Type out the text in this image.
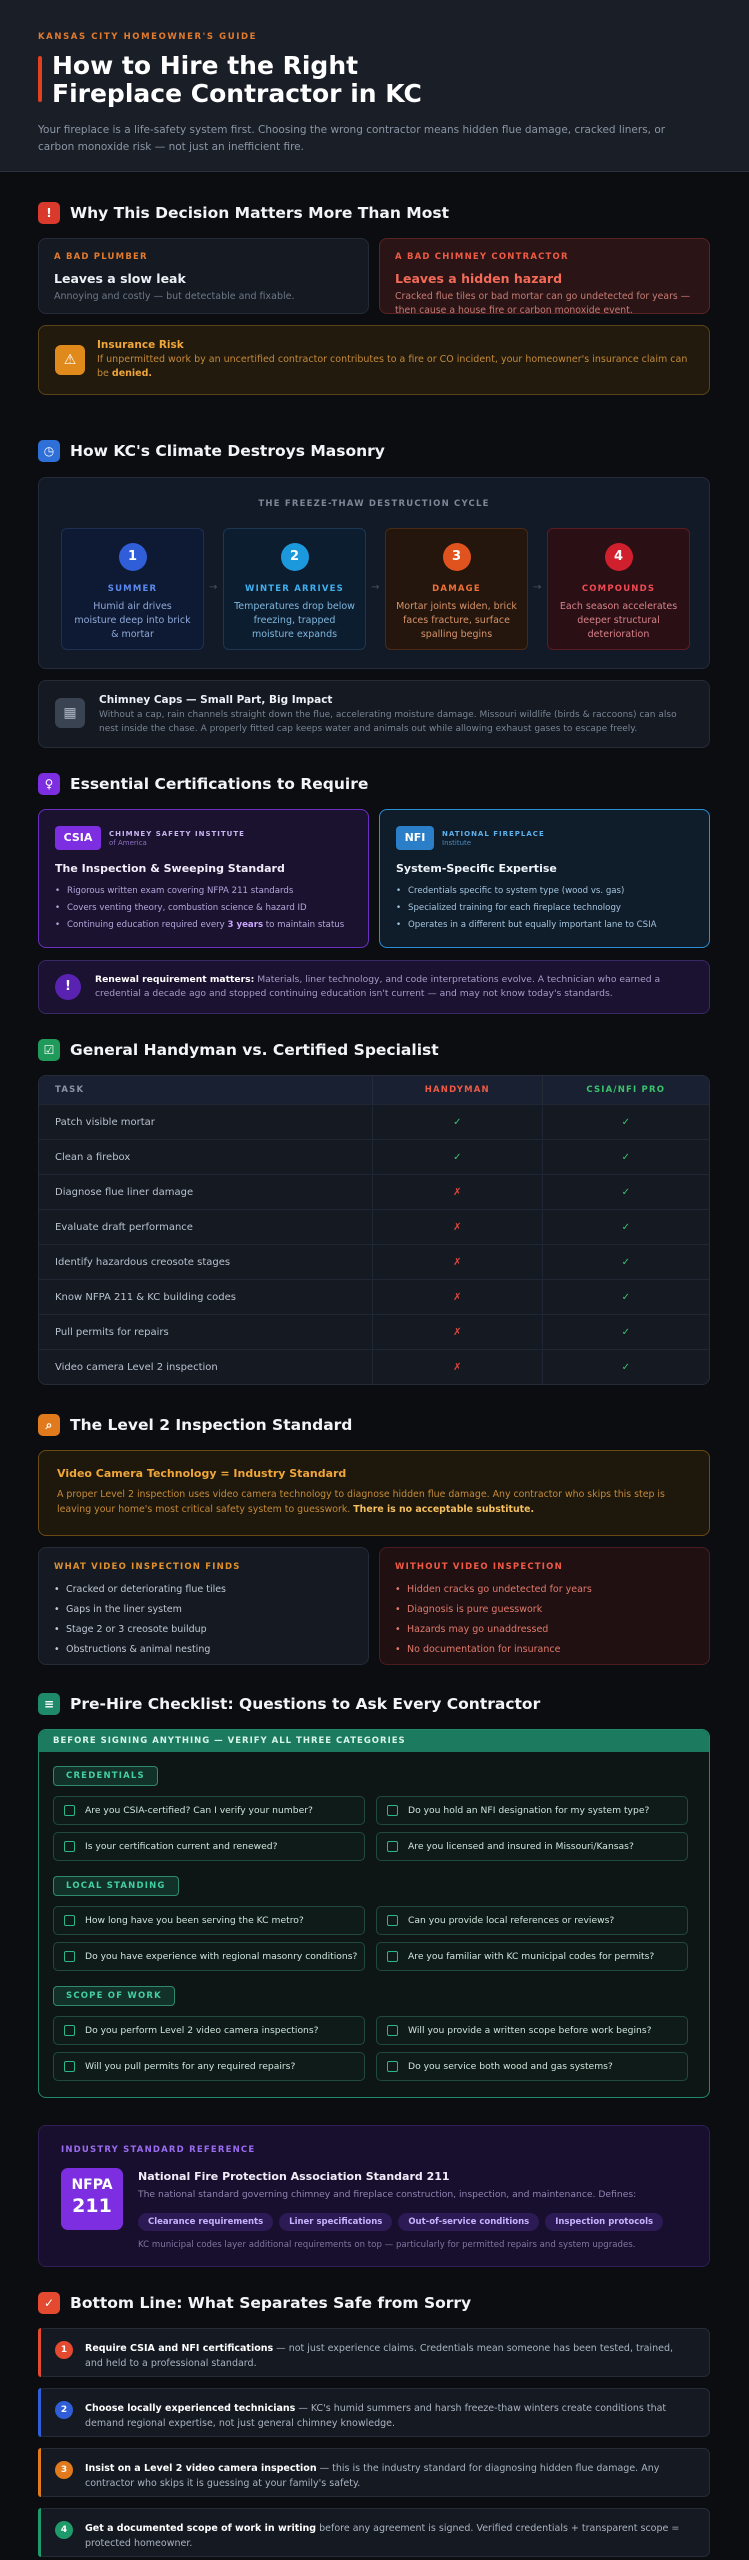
KANSAS CITY HOMEOWNER'S GUIDE
How to Hire the Right
Fireplace Contractor in KC
Your fireplace is a life-safety system first. Choosing the wrong contractor means hidden flue damage, cracked liners, or carbon monoxide risk — not just an inefficient fire.
!	Why This Decision Matters More Than Most
A BAD PLUMBER
Leaves a slow leak
Annoying and costly — but detectable and fixable.
A BAD CHIMNEY CONTRACTOR
Leaves a hidden hazard
Cracked flue tiles or bad mortar can go undetected for years — then cause a house fire or carbon monoxide event.
⚠
Insurance Risk
If unpermitted work by an uncertified contractor contributes to a fire or CO incident, your homeowner's insurance claim can be denied.
◷	How KC's Climate Destroys Masonry
THE FREEZE-THAW DESTRUCTION CYCLE
1
SUMMER
Humid air drives moisture deep into brick & mortar
→
2
WINTER ARRIVES
Temperatures drop below freezing, trapped moisture expands
→
3
DAMAGE
Mortar joints widen, brick faces fracture, surface spalling begins
→
4
COMPOUNDS
Each season accelerates deeper structural deterioration
▦
Chimney Caps — Small Part, Big Impact
Without a cap, rain channels straight down the flue, accelerating moisture damage. Missouri wildlife (birds & raccoons) can also nest inside the chase. A properly fitted cap keeps water and animals out while allowing exhaust gases to escape freely.
♀	Essential Certifications to Require
CSIA	CHIMNEY SAFETY INSTITUTE
of America
The Inspection & Sweeping Standard
• Rigorous written exam covering NFPA 211 standards
• Covers venting theory, combustion science & hazard ID
• Continuing education required every 3 years to maintain status
NFI	NATIONAL FIREPLACE
Institute
System-Specific Expertise
• Credentials specific to system type (wood vs. gas)
• Specialized training for each fireplace technology
• Operates in a different but equally important lane to CSIA
!	Renewal requirement matters: Materials, liner technology, and code interpretations evolve. A technician who earned a credential a decade ago and stopped continuing education isn't current — and may not know today's standards.
☑	General Handyman vs. Certified Specialist
TASK	HANDYMAN	CSIA/NFI PRO
Patch visible mortar	✓	✓
Clean a firebox	✓	✓
Diagnose flue liner damage	✗	✓
Evaluate draft performance	✗	✓
Identify hazardous creosote stages	✗	✓
Know NFPA 211 & KC building codes	✗	✓
Pull permits for repairs	✗	✓
Video camera Level 2 inspection	✗	✓
⌕	The Level 2 Inspection Standard
Video Camera Technology = Industry Standard
A proper Level 2 inspection uses video camera technology to diagnose hidden flue damage. Any contractor who skips this step is leaving your home's most critical safety system to guesswork. There is no acceptable substitute.
WHAT VIDEO INSPECTION FINDS
• Cracked or deteriorating flue tiles
• Gaps in the liner system
• Stage 2 or 3 creosote buildup
• Obstructions & animal nesting
WITHOUT VIDEO INSPECTION
• Hidden cracks go undetected for years
• Diagnosis is pure guesswork
• Hazards may go unaddressed
• No documentation for insurance
≡	Pre-Hire Checklist: Questions to Ask Every Contractor
BEFORE SIGNING ANYTHING — VERIFY ALL THREE CATEGORIES
CREDENTIALS
Are you CSIA-certified? Can I verify your number?	Do you hold an NFI designation for my system type?
Is your certification current and renewed?	Are you licensed and insured in Missouri/Kansas?
LOCAL STANDING
How long have you been serving the KC metro?	Can you provide local references or reviews?
Do you have experience with regional masonry conditions?	Are you familiar with KC municipal codes for permits?
SCOPE OF WORK
Do you perform Level 2 video camera inspections?	Will you provide a written scope before work begins?
Will you pull permits for any required repairs?	Do you service both wood and gas systems?
INDUSTRY STANDARD REFERENCE
NFPA
211
National Fire Protection Association Standard 211
The national standard governing chimney and fireplace construction, inspection, and maintenance. Defines:
Clearance requirements	Liner specifications	Out-of-service conditions	Inspection protocols
KC municipal codes layer additional requirements on top — particularly for permitted repairs and system upgrades.
✓	Bottom Line: What Separates Safe from Sorry
1	Require CSIA and NFI certifications — not just experience claims. Credentials mean someone has been tested, trained, and held to a professional standard.
2	Choose locally experienced technicians — KC's humid summers and harsh freeze-thaw winters create conditions that demand regional expertise, not just general chimney knowledge.
3	Insist on a Level 2 video camera inspection — this is the industry standard for diagnosing hidden flue damage. Any contractor who skips it is guessing at your family's safety.
4	Get a documented scope of work in writing before any agreement is signed. Verified credentials + transparent scope = protected homeowner.
